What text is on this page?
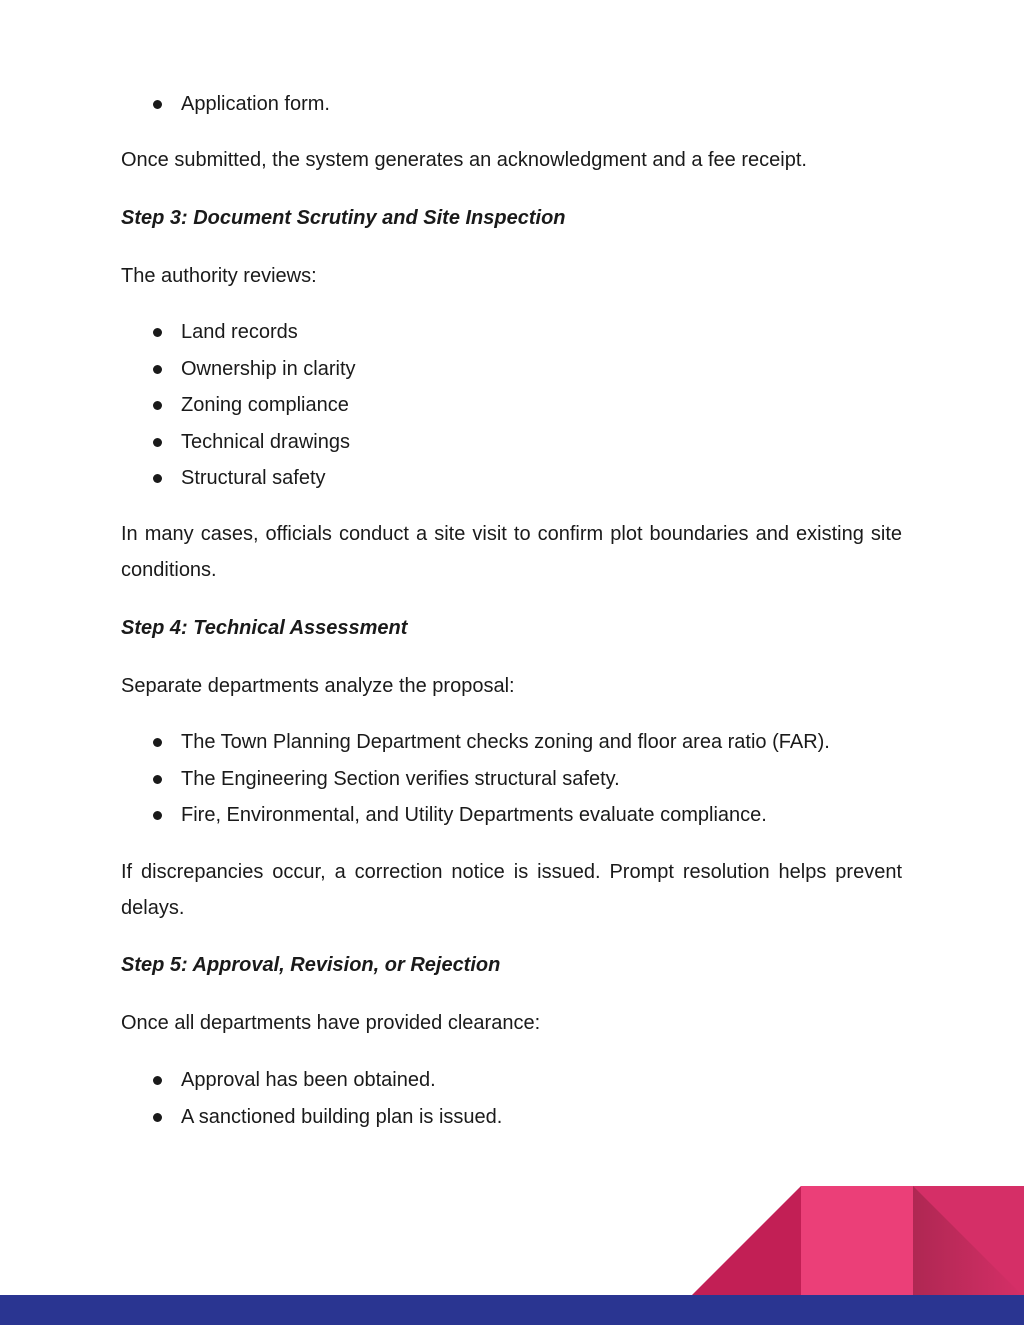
Application form.

Once submitted, the system generates an acknowledgment and a fee receipt.

Step 3: Document Scrutiny and Site Inspection

The authority reviews:

Land records
Ownership in clarity
Zoning compliance
Technical drawings
Structural safety

In many cases, officials conduct a site visit to confirm plot boundaries and existing site conditions.

Step 4: Technical Assessment

Separate departments analyze the proposal:

The Town Planning Department checks zoning and floor area ratio (FAR).
The Engineering Section verifies structural safety.
Fire, Environmental, and Utility Departments evaluate compliance.

If discrepancies occur, a correction notice is issued. Prompt resolution helps prevent delays.

Step 5: Approval, Revision, or Rejection

Once all departments have provided clearance:

Approval has been obtained.
A sanctioned building plan is issued.
